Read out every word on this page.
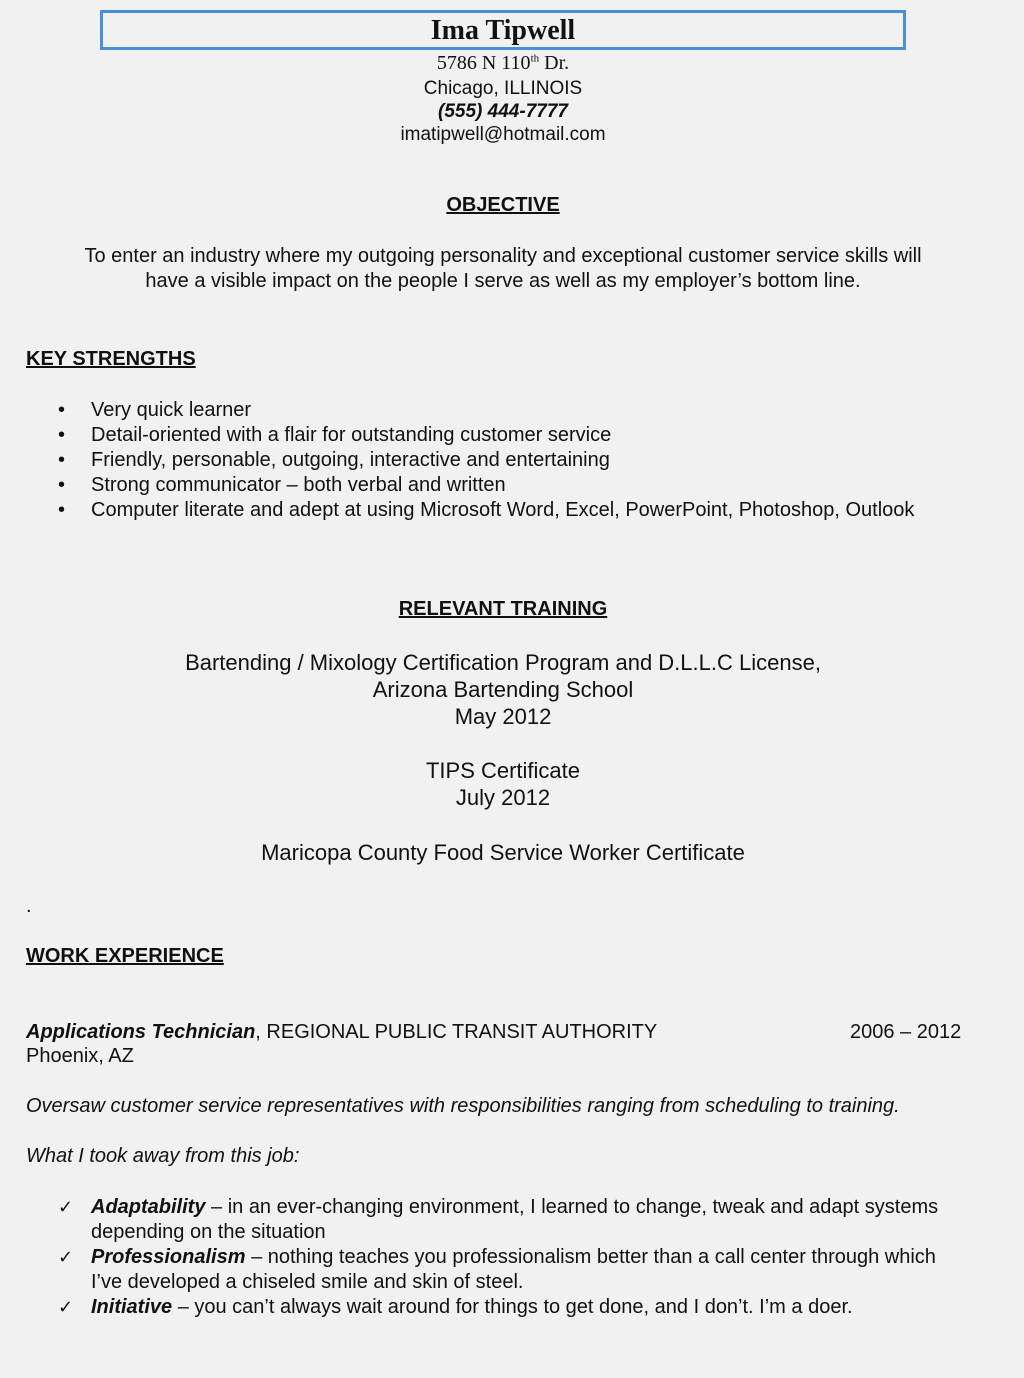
Ima Tipwell
5786 N 110th Dr.
Chicago, ILLINOIS
(555) 444-7777
imatipwell@hotmail.com
OBJECTIVE
To enter an industry where my outgoing personality and exceptional customer service skills will
have a visible impact on the people I serve as well as my employer’s bottom line.
KEY STRENGTHS
• Very quick learner
• Detail-oriented with a flair for outstanding customer service
• Friendly, personable, outgoing, interactive and entertaining
• Strong communicator – both verbal and written
• Computer literate and adept at using Microsoft Word, Excel, PowerPoint, Photoshop, Outlook
RELEVANT TRAINING
Bartending / Mixology Certification Program and D.L.L.C License,
Arizona Bartending School
May 2012
TIPS Certificate
July 2012
Maricopa County Food Service Worker Certificate
.
WORK EXPERIENCE
Applications Technician, REGIONAL PUBLIC TRANSIT AUTHORITY	2006 – 2012
Phoenix, AZ
Oversaw customer service representatives with responsibilities ranging from scheduling to training.
What I took away from this job:
✓ Adaptability – in an ever-changing environment, I learned to change, tweak and adapt systems depending on the situation
✓ Professionalism – nothing teaches you professionalism better than a call center through which I’ve developed a chiseled smile and skin of steel.
✓ Initiative – you can’t always wait around for things to get done, and I don’t. I’m a doer.
